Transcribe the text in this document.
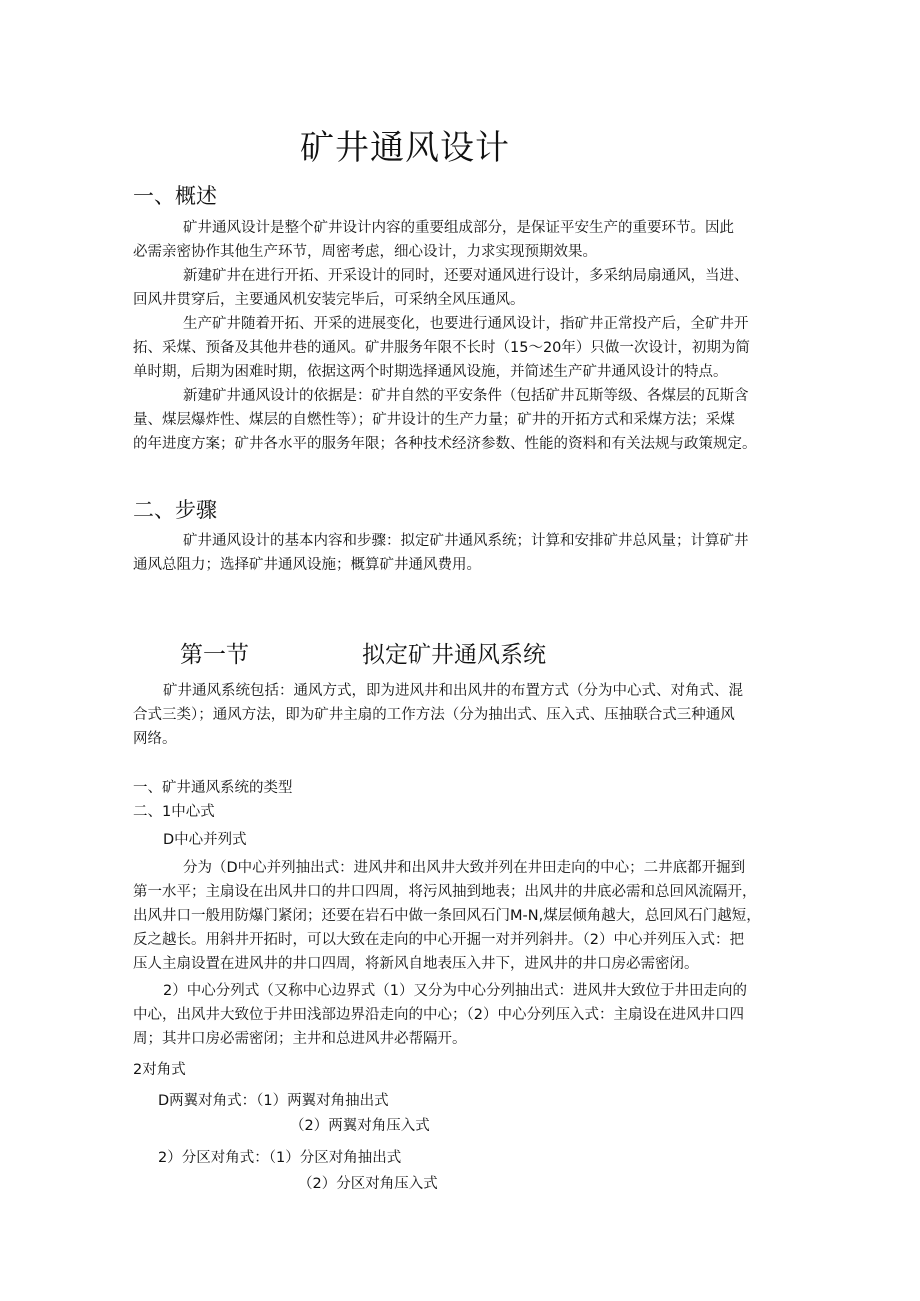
矿井通风设计
一、概述
矿井通风设计是整个矿井设计内容的重要组成部分，是保证平安生产的重要环节。因此
必需亲密协作其他生产环节，周密考虑，细心设计，力求实现预期效果。
新建矿井在进行开拓、开采设计的同时，还要对通风进行设计，多采纳局扇通风，当进、
回风井贯穿后，主要通风机安装完毕后，可采纳全风压通风。
生产矿井随着开拓、开采的进展变化，也要进行通风设计，指矿井正常投产后，全矿井开
拓、采煤、预备及其他井巷的通风。矿井服务年限不长时（15～20年）只做一次设计，初期为简
单时期，后期为困难时期，依据这两个时期选择通风设施，并简述生产矿井通风设计的特点。
新建矿井通风设计的依据是：矿井自然的平安条件（包括矿井瓦斯等级、各煤层的瓦斯含
量、煤层爆炸性、煤层的自燃性等）；矿井设计的生产力量；矿井的开拓方式和采煤方法；采煤
的年进度方案；矿井各水平的服务年限；各种技术经济参数、性能的资料和有关法规与政策规定。
二、步骤
矿井通风设计的基本内容和步骤：拟定矿井通风系统；计算和安排矿井总风量；计算矿井
通风总阻力；选择矿井通风设施；概算矿井通风费用。
第一节	拟定矿井通风系统
矿井通风系统包括：通风方式，即为进风井和出风井的布置方式（分为中心式、对角式、混
合式三类）；通风方法，即为矿井主扇的工作方法（分为抽出式、压入式、压抽联合式三种通风
网络。
一、矿井通风系统的类型
二、1中心式
D中心并列式
分为（D中心并列抽出式：进风井和出风井大致并列在井田走向的中心；二井底都开掘到
第一水平；主扇设在出风井口的井口四周，将污风抽到地表；出风井的井底必需和总回风流隔开，
出风井口一般用防爆门紧闭；还要在岩石中做一条回风石门M-N,煤层倾角越大，总回风石门越短，
反之越长。用斜井开拓时，可以大致在走向的中心开掘一对并列斜井。（2）中心并列压入式：把
压人主扇设置在进风井的井口四周，将新风自地表压入井下，进风井的井口房必需密闭。
2）中心分列式（又称中心边界式（1）又分为中心分列抽出式：进风井大致位于井田走向的
中心，出风井大致位于井田浅部边界沿走向的中心；（2）中心分列压入式：主扇设在进风井口四
周；其井口房必需密闭；主井和总进风井必帮隔开。
2对角式
D两翼对角式：（1）两翼对角抽出式
（2）两翼对角压入式
2）分区对角式：（1）分区对角抽出式
（2）分区对角压入式
